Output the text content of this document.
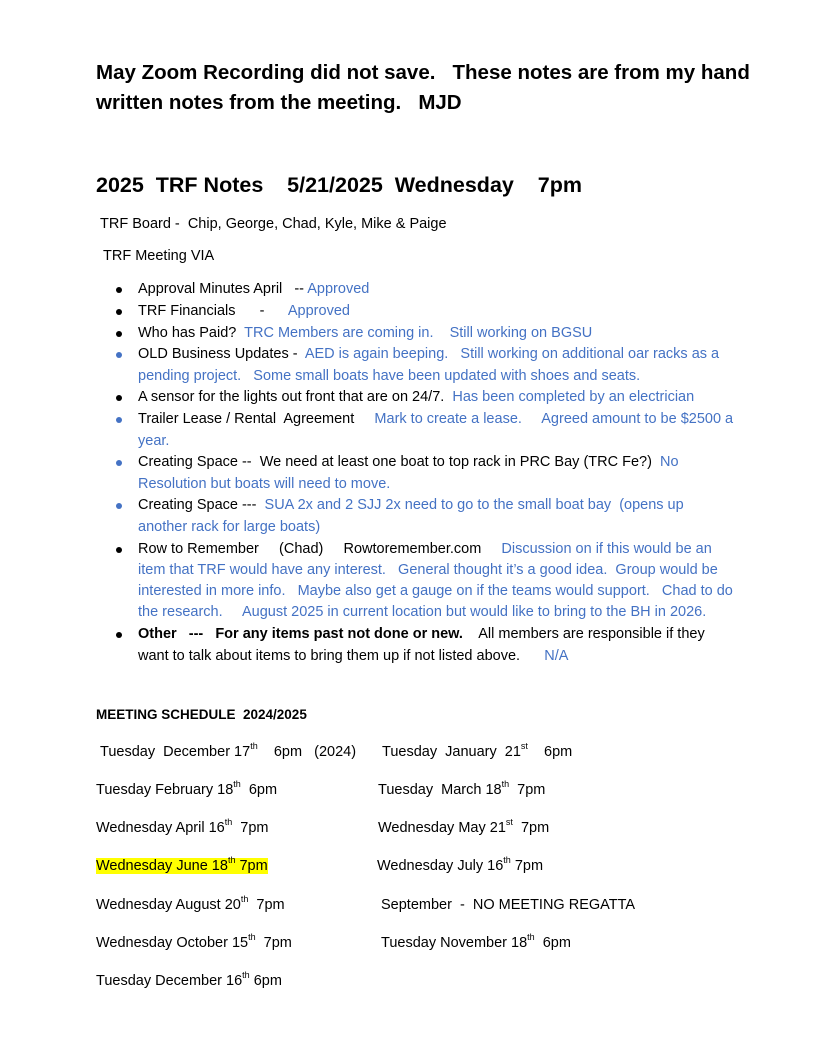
May Zoom Recording did not save.   These notes are from my hand written notes from the meeting.   MJD
2025  TRF Notes    5/21/2025  Wednesday    7pm
TRF Board -  Chip, George, Chad, Kyle, Mike & Paige
TRF Meeting VIA
Approval Minutes April   -- Approved
TRF Financials      -      Approved
Who has Paid?  TRC Members are coming in.    Still working on BGSU
OLD Business Updates -  AED is again beeping.   Still working on additional oar racks as a pending project.   Some small boats have been updated with shoes and seats.
A sensor for the lights out front that are on 24/7.  Has been completed by an electrician
Trailer Lease / Rental  Agreement     Mark to create a lease.     Agreed amount to be $2500 a year.
Creating Space --  We need at least one boat to top rack in PRC Bay (TRC Fe?)  No Resolution but boats will need to move.
Creating Space ---  SUA 2x and 2 SJJ 2x need to go to the small boat bay  (opens up another rack for large boats)
Row to Remember     (Chad)     Rowtoremember.com     Discussion on if this would be an item that TRF would have any interest.   General thought it’s a good idea.  Group would be interested in more info.   Maybe also get a gauge on if the teams would support.   Chad to do the research.     August 2025 in current location but would like to bring to the BH in 2026.
Other   ---   For any items past not done or new.    All members are responsible if they want to talk about items to bring them up if not listed above.      N/A
MEETING SCHEDULE  2024/2025
Tuesday  December 17th    6pm   (2024) Tuesday  January  21st    6pm
Tuesday February 18th  6pm	Tuesday  March 18th  7pm
Wednesday April 16th  7pm	Wednesday May 21st  7pm
Wednesday June 18th 7pm	Wednesday July 16th 7pm
Wednesday August 20th  7pm	September  -  NO MEETING REGATTA
Wednesday October 15th  7pm	Tuesday November 18th  6pm
Tuesday December 16th 6pm
